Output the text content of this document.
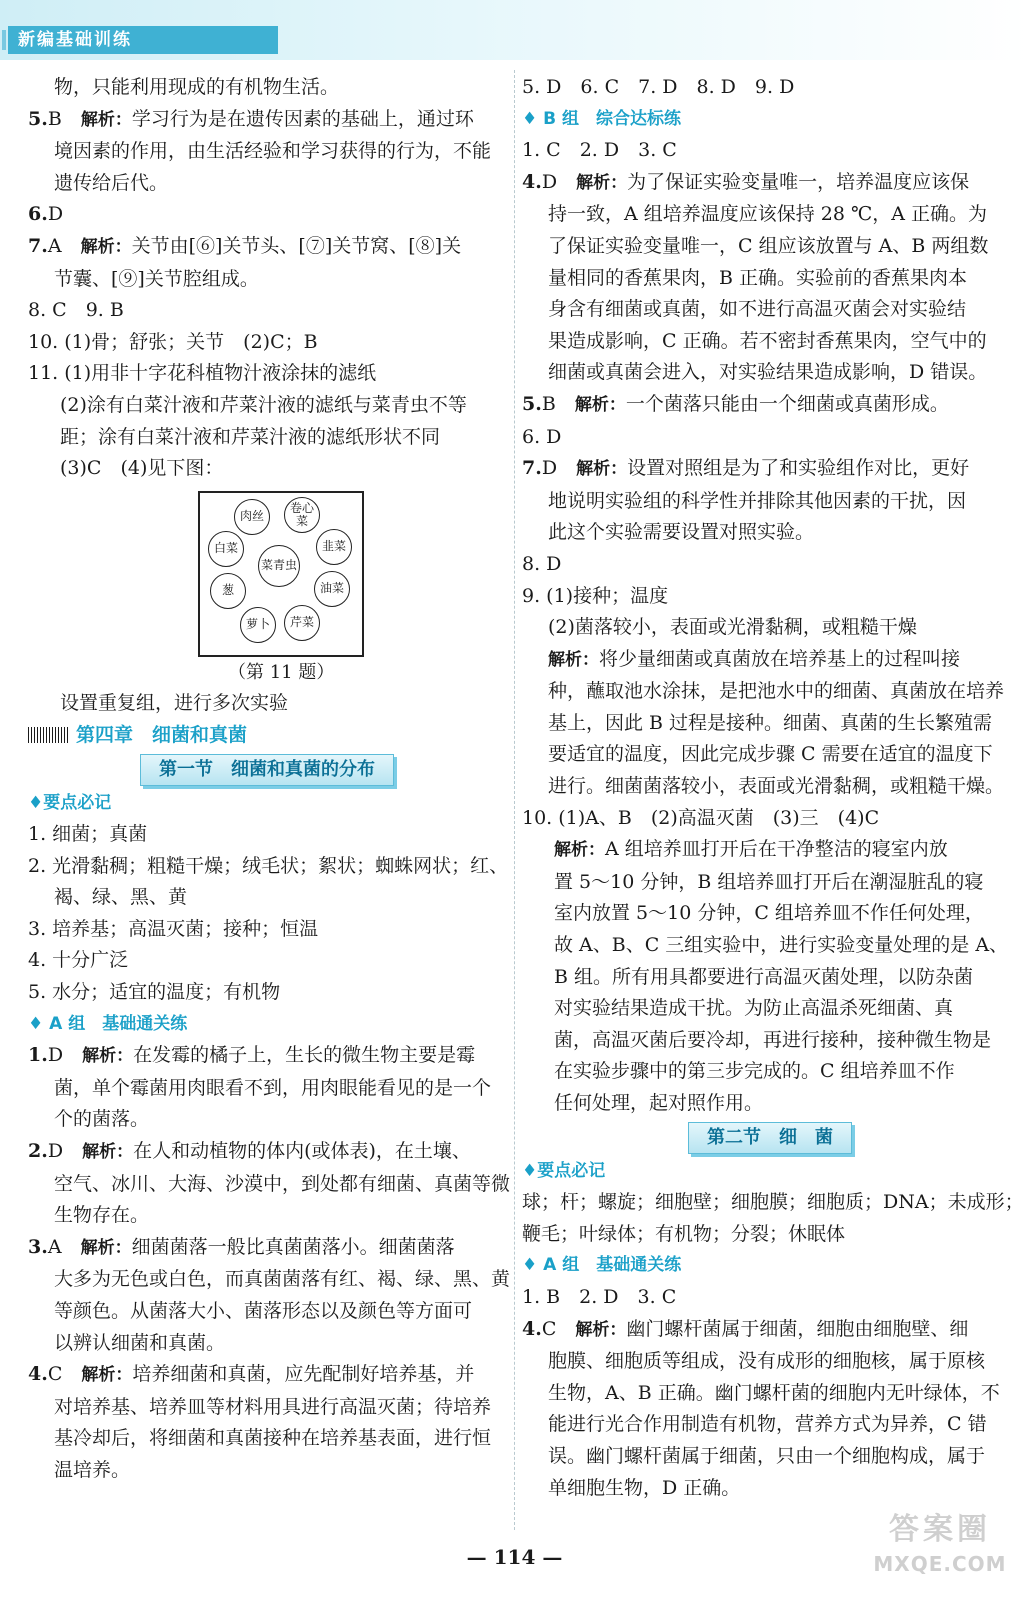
新编基础训练
物，只能利用现成的有机物生活。
5.B　 解析：学习行为是在遗传因素的基础上，通过环
境因素的作用，由生活经验和学习获得的行为，不能
遗传给后代。
6.D
7.A　 解析：关节由[⑥]关节头、[⑦]关节窝、[⑧]关
节囊、[⑨]关节腔组成。
8. C　9. B
10. (1)骨；舒张；关节　(2)C；B
11. (1)用非十字花科植物汁液涂抹的滤纸
(2)涂有白菜汁液和芹菜汁液的滤纸与菜青虫不等
距；涂有白菜汁液和芹菜汁液的滤纸形状不同
(3)C　(4)见下图：
肉丝
卷心菜
韭菜
油菜
芹菜
萝卜
葱
白菜
菜青虫
（第 11 题）
设置重复组，进行多次实验
第四章　细菌和真菌
第一节　细菌和真菌的分布
♦要点必记
1. 细菌；真菌
2. 光滑黏稠；粗糙干燥；绒毛状；絮状；蜘蛛网状；红、
褐、绿、黑、黄
3. 培养基；高温灭菌；接种；恒温
4. 十分广泛
5. 水分；适宜的温度；有机物
♦ A 组　基础通关练
1.D　 解析：在发霉的橘子上，生长的微生物主要是霉
菌，单个霉菌用肉眼看不到，用肉眼能看见的是一个
个的菌落。
2.D　 解析：在人和动植物的体内(或体表)，在土壤、
空气、冰川、大海、沙漠中，到处都有细菌、真菌等微
生物存在。
3.A　 解析：细菌菌落一般比真菌菌落小。细菌菌落
大多为无色或白色，而真菌菌落有红、褐、绿、黑、黄
等颜色。从菌落大小、菌落形态以及颜色等方面可
以辨认细菌和真菌。
4.C　 解析：培养细菌和真菌，应先配制好培养基，并
对培养基、培养皿等材料用具进行高温灭菌；待培养
基冷却后，将细菌和真菌接种在培养基表面，进行恒
温培养。
5. D　6. C　7. D　8. D　9. D
♦ B 组　综合达标练
1. C　2. D　3. C
4.D　 解析：为了保证实验变量唯一，培养温度应该保
持一致，A 组培养温度应该保持 28 ℃，A 正确。为
了保证实验变量唯一，C 组应该放置与 A、B 两组数
量相同的香蕉果肉，B 正确。实验前的香蕉果肉本
身含有细菌或真菌，如不进行高温灭菌会对实验结
果造成影响，C 正确。若不密封香蕉果肉，空气中的
细菌或真菌会进入，对实验结果造成影响，D 错误。
5.B　 解析：一个菌落只能由一个细菌或真菌形成。
6. D
7.D　 解析：设置对照组是为了和实验组作对比，更好
地说明实验组的科学性并排除其他因素的干扰，因
此这个实验需要设置对照实验。
8. D
9. (1)接种；温度
(2)菌落较小，表面或光滑黏稠，或粗糙干燥
解析：将少量细菌或真菌放在培养基上的过程叫接
种，蘸取池水涂抹，是把池水中的细菌、真菌放在培养
基上，因此 B 过程是接种。细菌、真菌的生长繁殖需
要适宜的温度，因此完成步骤 C 需要在适宜的温度下
进行。细菌菌落较小，表面或光滑黏稠，或粗糙干燥。
10. (1)A、B　(2)高温灭菌　(3)三　(4)C
解析：A 组培养皿打开后在干净整洁的寝室内放
置 5～10 分钟，B 组培养皿打开后在潮湿脏乱的寝
室内放置 5～10 分钟，C 组培养皿不作任何处理，
故 A、B、C 三组实验中，进行实验变量处理的是 A、
B 组。所有用具都要进行高温灭菌处理，以防杂菌
对实验结果造成干扰。为防止高温杀死细菌、真
菌，高温灭菌后要冷却，再进行接种，接种微生物是
在实验步骤中的第三步完成的。C 组培养皿不作
任何处理，起对照作用。
第二节　细　菌
♦要点必记
球；杆；螺旋；细胞壁；细胞膜；细胞质；DNA；未成形；
鞭毛；叶绿体；有机物；分裂；休眠体
♦ A 组　基础通关练
1. B　2. D　3. C
4.C　 解析：幽门螺杆菌属于细菌，细胞由细胞壁、细
胞膜、细胞质等组成，没有成形的细胞核，属于原核
生物，A、B 正确。幽门螺杆菌的细胞内无叶绿体，不
能进行光合作用制造有机物，营养方式为异养，C 错
误。幽门螺杆菌属于细菌，只由一个细胞构成，属于
单细胞生物，D 正确。
— 114 —
答案圈
MXQE.COM
